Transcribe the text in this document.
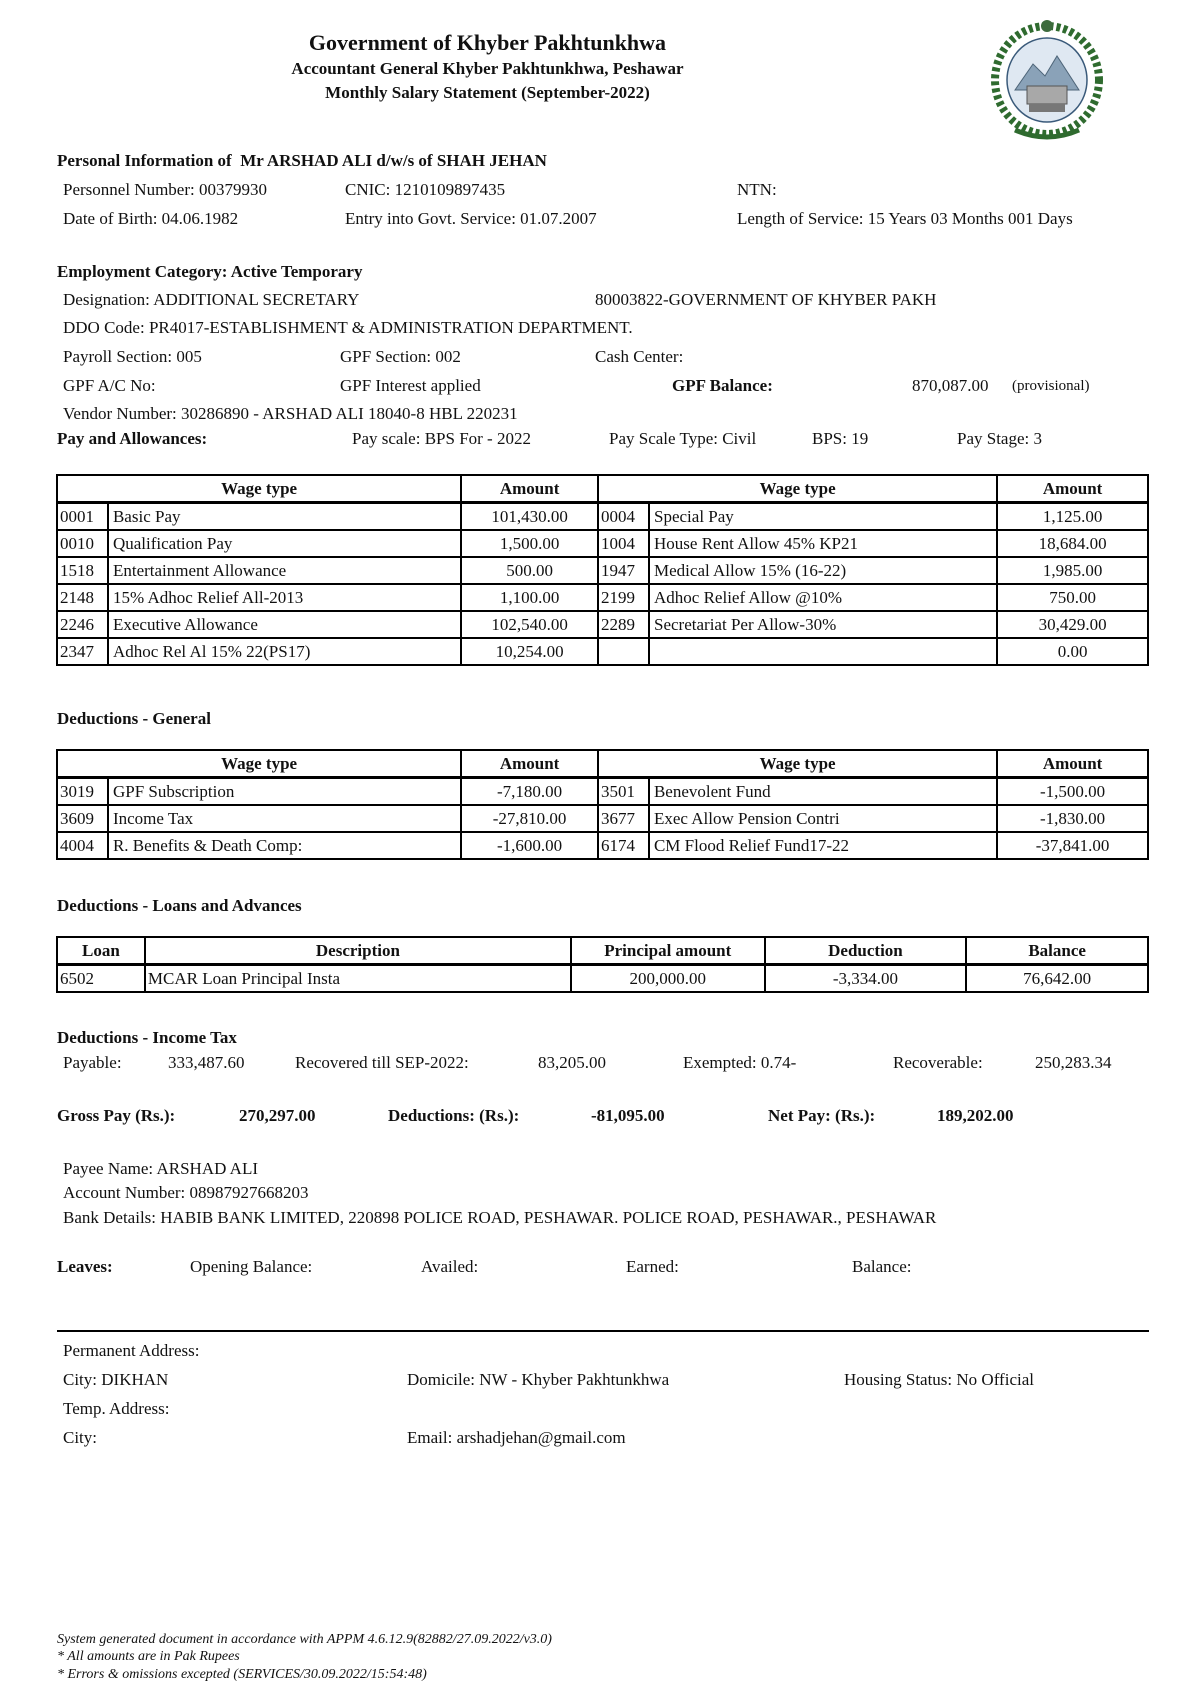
Government of Khyber Pakhtunkhwa
Accountant General Khyber Pakhtunkhwa, Peshawar
Monthly Salary Statement (September-2022)
Personal Information of Mr ARSHAD ALI d/w/s of SHAH JEHAN
Personnel Number: 00379930	CNIC: 1210109897435	NTN:
Date of Birth: 04.06.1982	Entry into Govt. Service: 01.07.2007	Length of Service: 15 Years 03 Months 001 Days
Employment Category: Active Temporary
Designation: ADDITIONAL SECRETARY	80003822-GOVERNMENT OF KHYBER PAKH
DDO Code: PR4017-ESTABLISHMENT & ADMINISTRATION DEPARTMENT.
Payroll Section: 005	GPF Section: 002	Cash Center:
GPF A/C No:	GPF Interest applied	GPF Balance:	870,087.00 (provisional)
Vendor Number: 30286890 - ARSHAD ALI 18040-8 HBL 220231
Pay and Allowances:	Pay scale: BPS For - 2022	Pay Scale Type: Civil	BPS: 19	Pay Stage: 3
Wage type		Amount	Wage type		Amount
0001	Basic Pay	101,430.00	0004	Special Pay	1,125.00
0010	Qualification Pay	1,500.00	1004	House Rent Allow 45% KP21	18,684.00
1518	Entertainment Allowance	500.00	1947	Medical Allow 15% (16-22)	1,985.00
2148	15% Adhoc Relief All-2013	1,100.00	2199	Adhoc Relief Allow @10%	750.00
2246	Executive Allowance	102,540.00	2289	Secretariat Per Allow-30%	30,429.00
2347	Adhoc Rel Al 15% 22(PS17)	10,254.00			0.00
Deductions - General
Wage type		Amount	Wage type		Amount
3019	GPF Subscription	-7,180.00	3501	Benevolent Fund	-1,500.00
3609	Income Tax	-27,810.00	3677	Exec Allow Pension Contri	-1,830.00
4004	R. Benefits & Death Comp:	-1,600.00	6174	CM Flood Relief Fund17-22	-37,841.00
Deductions - Loans and Advances
Loan	Description	Principal amount	Deduction	Balance
6502	MCAR Loan Principal Insta	200,000.00	-3,334.00	76,642.00
Deductions - Income Tax
Payable:	333,487.60	Recovered till SEP-2022:	83,205.00	Exempted: 0.74-	Recoverable:	250,283.34
Gross Pay (Rs.):	270,297.00	Deductions: (Rs.):	-81,095.00	Net Pay: (Rs.):	189,202.00
Payee Name: ARSHAD ALI
Account Number: 08987927668203
Bank Details: HABIB BANK LIMITED, 220898 POLICE ROAD, PESHAWAR. POLICE ROAD, PESHAWAR., PESHAWAR
Leaves:	Opening Balance:	Availed:	Earned:	Balance:
Permanent Address:
City: DIKHAN	Domicile: NW - Khyber Pakhtunkhwa	Housing Status: No Official
Temp. Address:
City:	Email: arshadjehan@gmail.com
System generated document in accordance with APPM 4.6.12.9(82882/27.09.2022/v3.0)
* All amounts are in Pak Rupees
* Errors & omissions excepted (SERVICES/30.09.2022/15:54:48)
